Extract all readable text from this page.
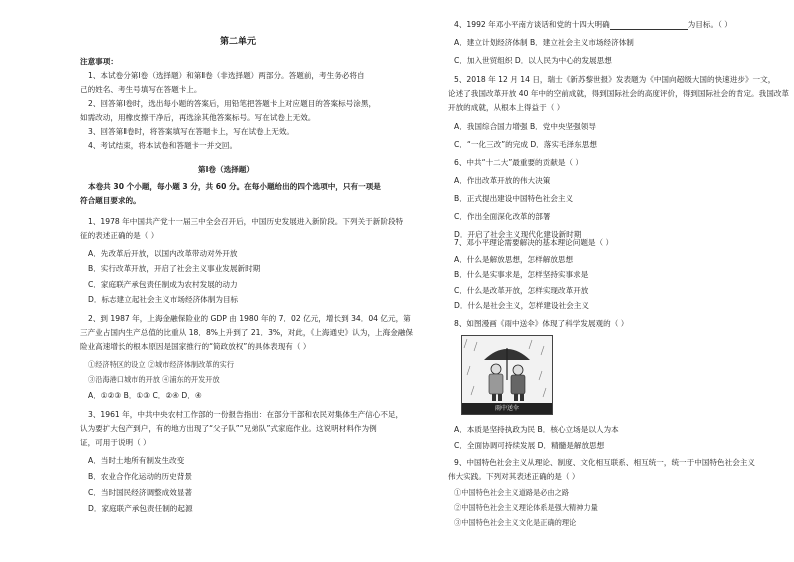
第二单元
注意事项：
1、本试卷分第Ⅰ卷（选择题）和第Ⅱ卷（非选择题）两部分。答题前，考生务必将自
己的姓名、考生号填写在答题卡上。
2、回答第Ⅰ卷时，选出每小题的答案后，用铅笔把答题卡上对应题目的答案标号涂黑，
如需改动，用橡皮擦干净后，再选涂其他答案标号。写在试卷上无效。
3、回答第Ⅱ卷时，将答案填写在答题卡上，写在试卷上无效。
4、考试结束，将本试卷和答题卡一并交回。
第Ⅰ卷（选择题）
本卷共 30 个小题，每小题 3 分，共 60 分。在每小题给出的四个选项中，只有一项是
符合题目要求的。
1、1978 年中国共产党十一届三中全会召开后，中国历史发展进入新阶段。下列关于新阶段特
征的表述正确的是（ ）
A．先改革后开放，以国内改革带动对外开放
B．实行改革开放，开启了社会主义事业发展新时期
C．家庭联产承包责任制成为农村发展的动力
D．标志建立起社会主义市场经济体制为目标
2、到 1987 年，上海金融保险业的 GDP 由 1980 年的 7．02 亿元，增长到 34．04 亿元，第
三产业占国内生产总值的比重从 18．8%上升到了 21．3%，对此，《上海通史》认为，上海金融保
险业高速增长的根本原因是国家推行的“简政放权”的具体表现有（ ）
①经济特区的设立 ②城市经济体制改革的实行
③沿海港口城市的开放 ④浦东的开发开放
A．①②③ B．①③ C．②④ D．④
3、1961 年，中共中央农村工作部的一份报告指出：在部分干部和农民对集体生产信心不足，
认为要扩大包产到户，有的地方出现了“父子队”“兄弟队”式家庭作业。这说明材料作为例
证，可用于说明（ ）
A．当时土地所有制发生改变
B．农业合作化运动的历史背景
C．当时国民经济调整成效显著
D．家庭联产承包责任制的起源
4、1992 年邓小平南方谈话和党的十四大明确	为目标。（ ）
A．建立计划经济体制 B．建立社会主义市场经济体制
C．加入世贸组织 D．以人民为中心的发展思想
5、2018 年 12 月 14 日，瑞士《新苏黎世报》发表题为《中国向超级大国的快速进步》一文，
论述了我国改革开放 40 年中的空前成就，得到国际社会的高度评价，得到国际社会的肯定。我国改革
开放的成就，从根本上得益于（ ）
A．我国综合国力增强 B．党中央坚强领导
C．“一化三改”的完成 D．落实毛泽东思想
6、中共“十二大”最重要的贡献是（ ）
A．作出改革开放的伟大决策
B．正式提出建设中国特色社会主义
C．作出全面深化改革的部署
D．开启了社会主义现代化建设新时期
7、邓小平理论需要解决的基本理论问题是（ ）
A．什么是解放思想，怎样解放思想
B．什么是实事求是，怎样坚持实事求是
C．什么是改革开放，怎样实现改革开放
D．什么是社会主义，怎样建设社会主义
8、如图漫画《雨中送伞》体现了科学发展观的（ ）
雨中送伞
A．本质是坚持执政为民 B．核心立场是以人为本
C．全面协调可持续发展 D．精髓是解放思想
9、中国特色社会主义从理论、制度、文化相互联系、相互统一，统一于中国特色社会主义
伟大实践。下列对其表述正确的是（ ）
①中国特色社会主义道路是必由之路
②中国特色社会主义理论体系是强大精神力量
③中国特色社会主义文化是正确的理论
